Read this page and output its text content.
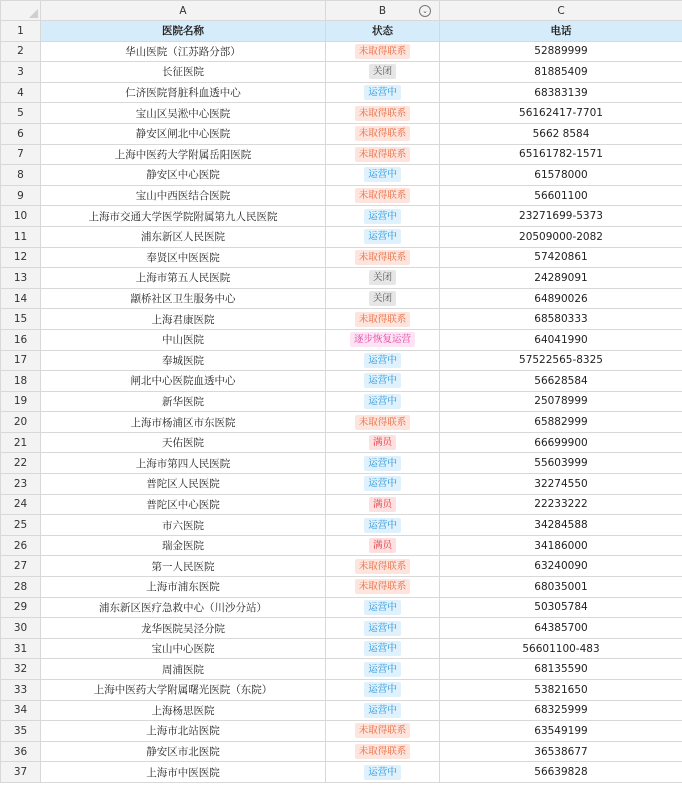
	A	B ⌄	C
1	医院名称	状态	电话
2	华山医院（江苏路分部）	未取得联系	52889999
3	长征医院	关闭	81885409
4	仁济医院肾脏科血透中心	运营中	68383139
5	宝山区吴淞中心医院	未取得联系	56162417-7701
6	静安区闸北中心医院	未取得联系	5662 8584
7	上海中医药大学附属岳阳医院	未取得联系	65161782-1571
8	静安区中心医院	运营中	61578000
9	宝山中西医结合医院	未取得联系	56601100
10	上海市交通大学医学院附属第九人民医院	运营中	23271699-5373
11	浦东新区人民医院	运营中	20509000-2082
12	奉贤区中医医院	未取得联系	57420861
13	上海市第五人民医院	关闭	24289091
14	颛桥社区卫生服务中心	关闭	64890026
15	上海君康医院	未取得联系	68580333
16	中山医院	逐步恢复运营	64041990
17	奉城医院	运营中	57522565-8325
18	闸北中心医院血透中心	运营中	56628584
19	新华医院	运营中	25078999
20	上海市杨浦区市东医院	未取得联系	65882999
21	天佑医院	满员	66699900
22	上海市第四人民医院	运营中	55603999
23	普陀区人民医院	运营中	32274550
24	普陀区中心医院	满员	22233222
25	市六医院	运营中	34284588
26	瑞金医院	满员	34186000
27	第一人民医院	未取得联系	63240090
28	上海市浦东医院	未取得联系	68035001
29	浦东新区医疗急救中心（川沙分站）	运营中	50305784
30	龙华医院吴泾分院	运营中	64385700
31	宝山中心医院	运营中	56601100-483
32	周浦医院	运营中	68135590
33	上海中医药大学附属曙光医院（东院）	运营中	53821650
34	上海杨思医院	运营中	68325999
35	上海市北站医院	未取得联系	63549199
36	静安区市北医院	未取得联系	36538677
37	上海市中医医院	运营中	56639828
